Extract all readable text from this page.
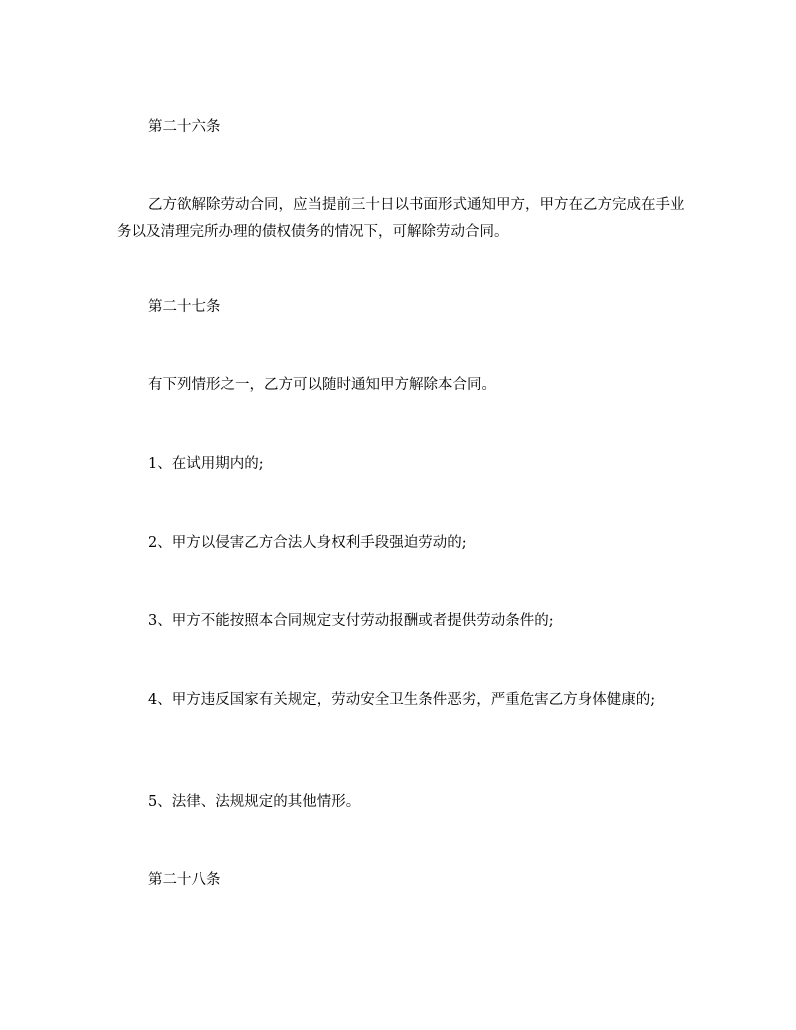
第二十六条

乙方欲解除劳动合同，应当提前三十日以书面形式通知甲方，甲方在乙方完成在手业务以及清理完所办理的债权债务的情况下，可解除劳动合同。

第二十七条

有下列情形之一，乙方可以随时通知甲方解除本合同。

1、在试用期内的;

2、甲方以侵害乙方合法人身权利手段强迫劳动的;

3、甲方不能按照本合同规定支付劳动报酬或者提供劳动条件的;

4、甲方违反国家有关规定，劳动安全卫生条件恶劣，严重危害乙方身体健康的;

5、法律、法规规定的其他情形。

第二十八条
